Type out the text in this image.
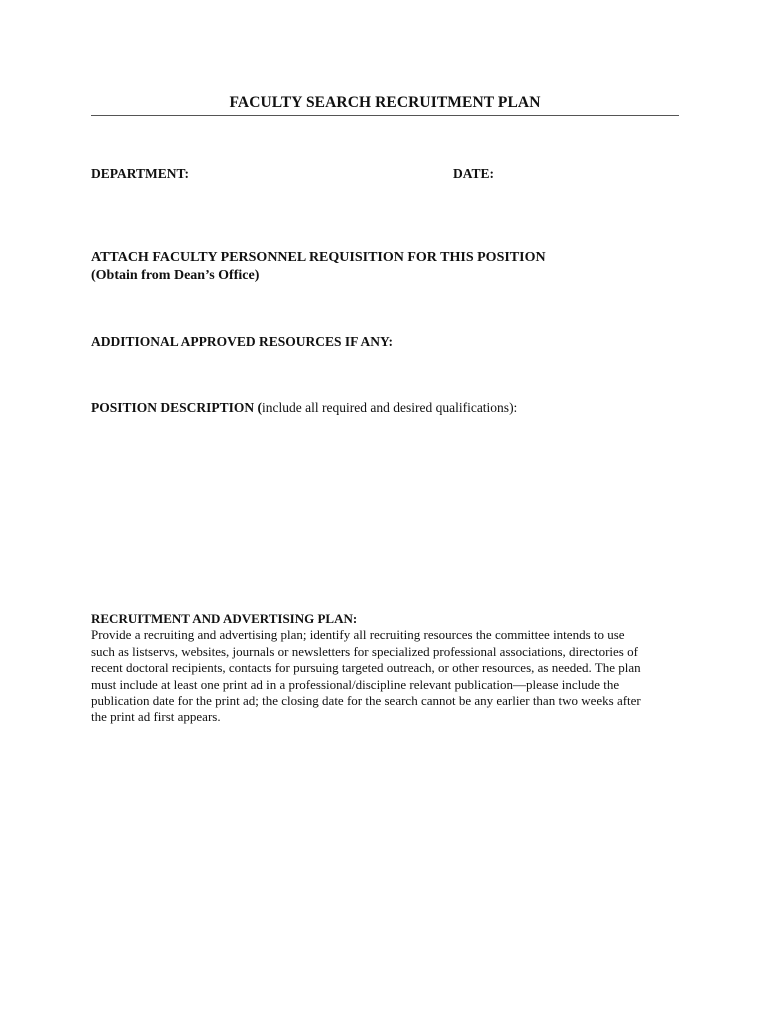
FACULTY SEARCH RECRUITMENT PLAN
DEPARTMENT:	DATE:
ATTACH FACULTY PERSONNEL REQUISITION FOR THIS POSITION
(Obtain from Dean’s Office)
ADDITIONAL APPROVED RESOURCES IF ANY:
POSITION DESCRIPTION (include all required and desired qualifications):
RECRUITMENT AND ADVERTISING PLAN:
Provide a recruiting and advertising plan; identify all recruiting resources the committee intends to use
such as listservs, websites, journals or newsletters for specialized professional associations, directories of
recent doctoral recipients, contacts for pursuing targeted outreach, or other resources, as needed. The plan
must include at least one print ad in a professional/discipline relevant publication—please include the
publication date for the print ad; the closing date for the search cannot be any earlier than two weeks after
the print ad first appears.
